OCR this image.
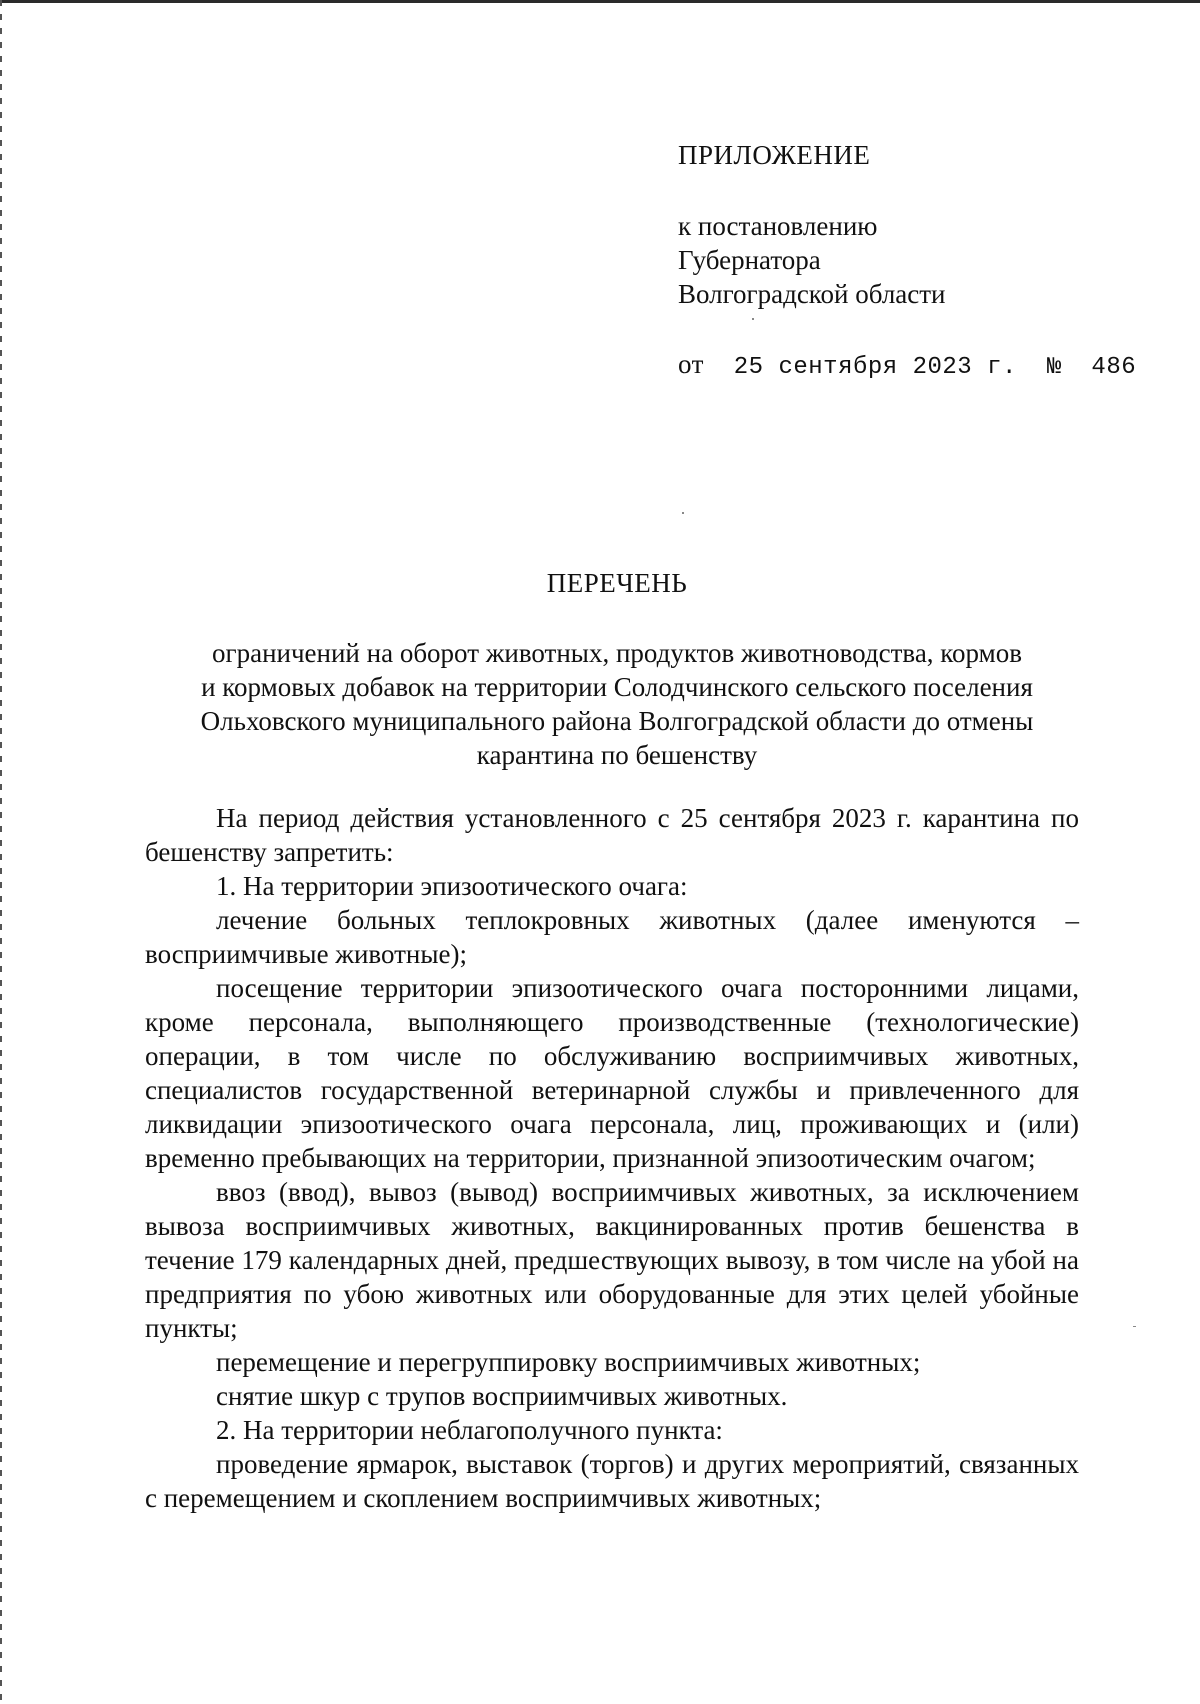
ПРИЛОЖЕНИЕ
к постановлению
Губернатора
Волгоградской области
от  25 сентября 2023 г.  №  486
ПЕРЕЧЕНЬ
ограничений на оборот животных, продуктов животноводства, кормов
и кормовых добавок на территории Солодчинского сельского поселения
Ольховского муниципального района Волгоградской области до отмены
карантина по бешенству

На период действия установленного с 25 сентября 2023 г. карантина по бешенству запретить:

1. На территории эпизоотического очага:

лечение больных теплокровных животных (далее именуются – восприимчивые животные);

посещение территории эпизоотического очага посторонними лицами, кроме персонала, выполняющего производственные (технологические) операции, в том числе по обслуживанию восприимчивых животных, специалистов государственной ветеринарной службы и привлеченного для ликвидации эпизоотического очага персонала, лиц, проживающих и (или) временно пребывающих на территории, признанной эпизоотическим очагом;

ввоз (ввод), вывоз (вывод) восприимчивых животных, за исключением вывоза восприимчивых животных, вакцинированных против бешенства в течение 179 календарных дней, предшествующих вывозу, в том числе на убой на предприятия по убою животных или оборудованные для этих целей убойные пункты;

перемещение и перегруппировку восприимчивых животных;

снятие шкур с трупов восприимчивых животных.

2. На территории неблагополучного пункта:

проведение ярмарок, выставок (торгов) и других мероприятий, связанных с перемещением и скоплением восприимчивых животных;
